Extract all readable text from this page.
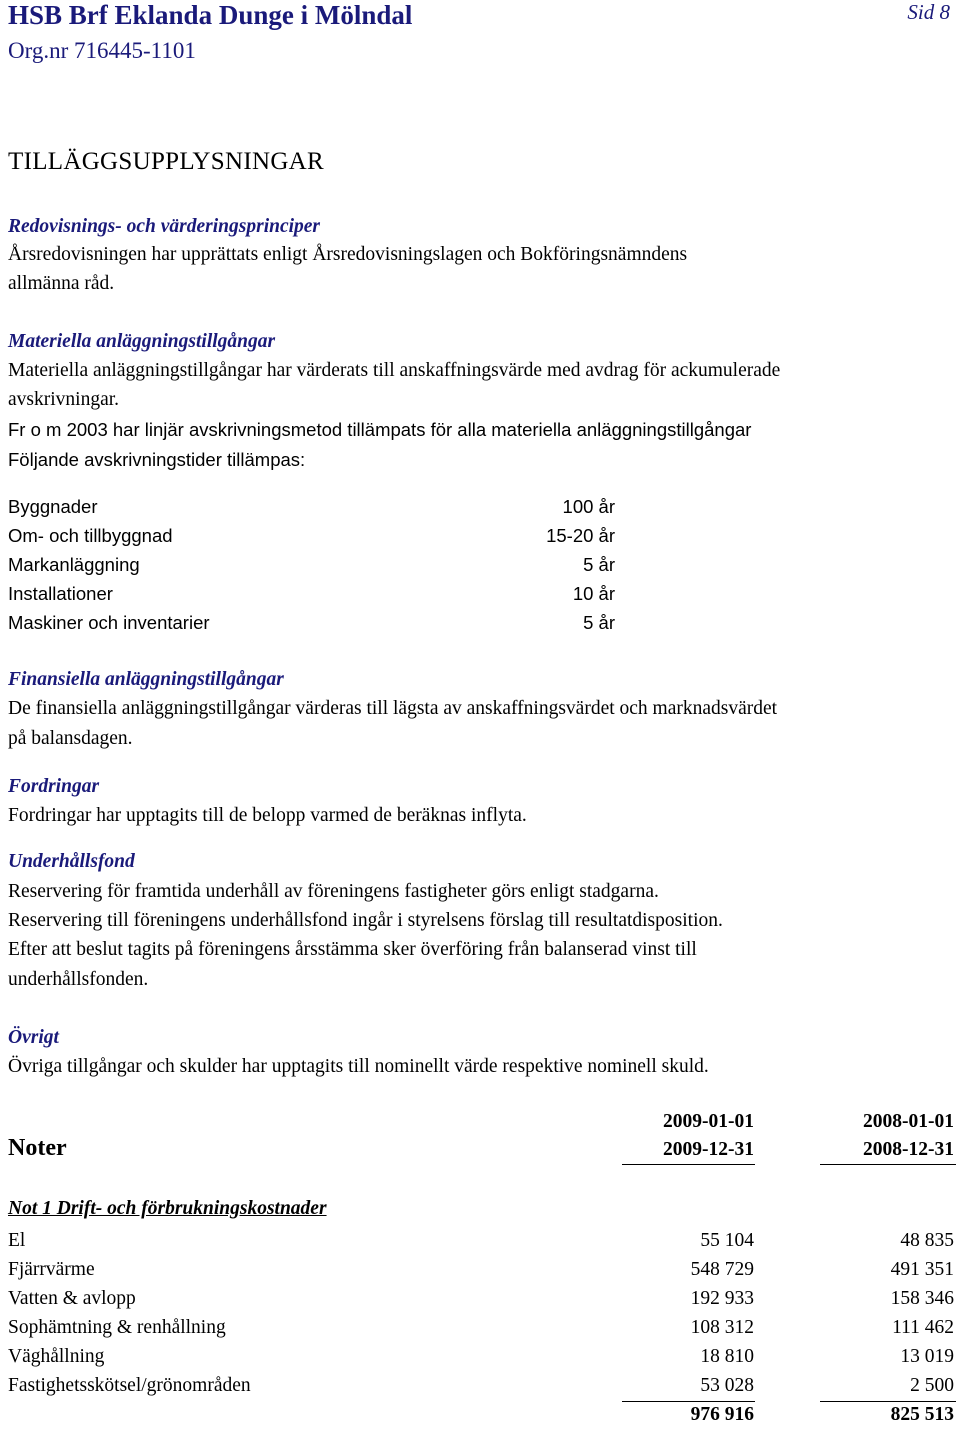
HSB Brf Eklanda Dunge i Mölndal
Org.nr 716445-1101
Sid 8
TILLÄGGSUPPLYSNINGAR
Redovisnings- och värderingsprinciper
Årsredovisningen har upprättats enligt Årsredovisningslagen och Bokföringsnämndens
allmänna råd.
Materiella anläggningstillgångar
Materiella anläggningstillgångar har värderats till anskaffningsvärde med avdrag för ackumulerade
avskrivningar.
Fr o m 2003 har linjär avskrivningsmetod tillämpats för alla materiella anläggningstillgångar
Följande avskrivningstider tillämpas:
Byggnader	100 år
Om- och tillbyggnad	15-20 år
Markanläggning	5 år
Installationer	10 år
Maskiner och inventarier	5 år
Finansiella anläggningstillgångar
De finansiella anläggningstillgångar värderas till lägsta av anskaffningsvärdet och marknadsvärdet
på balansdagen.
Fordringar
Fordringar har upptagits till de belopp varmed de beräknas inflyta.
Underhållsfond
Reservering för framtida underhåll av föreningens fastigheter görs enligt stadgarna.
Reservering till föreningens underhållsfond ingår i styrelsens förslag till resultatdisposition.
Efter att beslut tagits på föreningens årsstämma sker överföring från balanserad vinst till
underhållsfonden.
Övrigt
Övriga tillgångar och skulder har upptagits till nominellt värde respektive nominell skuld.
Noter
2009-01-01
2009-12-31
2008-01-01
2008-12-31
Not 1 Drift- och förbrukningskostnader
El	55 104	48 835
Fjärrvärme	548 729	491 351
Vatten & avlopp	192 933	158 346
Sophämtning & renhållning	108 312	111 462
Väghållning	18 810	13 019
Fastighetsskötsel/grönområden	53 028	2 500
976 916	825 513
